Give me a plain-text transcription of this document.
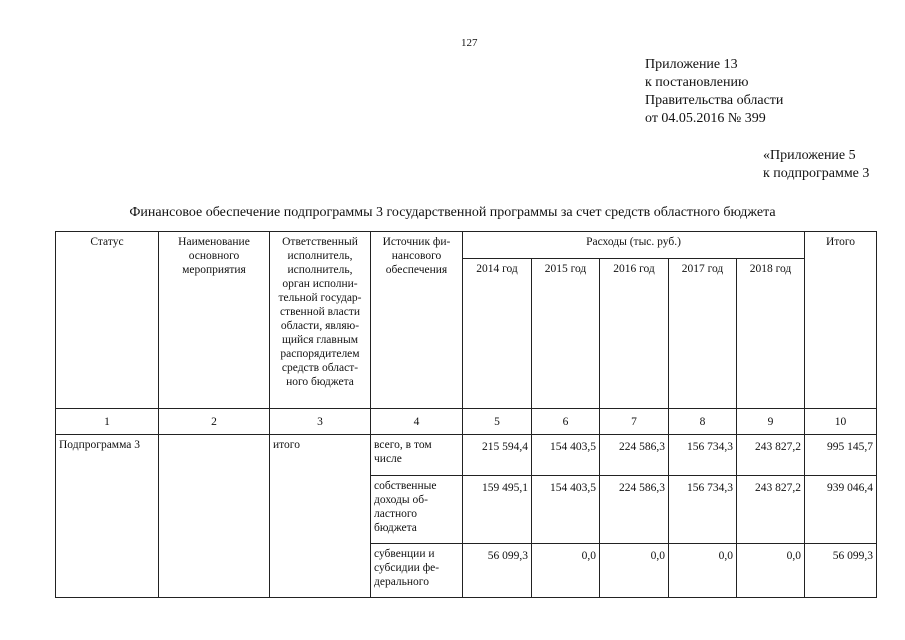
127
Приложение 13
к постановлению
Правительства области
от 04.05.2016 № 399
«Приложение 5
к подпрограмме 3
Финансовое обеспечение подпрограммы 3 государственной программы за счет средств областного бюджета
Статус	Наименование основного мероприятия	Ответственный исполнитель, исполнитель, орган исполни-тельной государ-ственной власти области, являю-щийся главным распорядителем средств област-ного бюджета	Источник фи-нансового обеспечения	Расходы (тыс. руб.)					Итого
				2014 год	2015 год	2016 год	2017 год	2018 год	
1	2	3	4	5	6	7	8	9	10
Подпрограмма 3		итого	всего, в том числе	215 594,4	154 403,5	224 586,3	156 734,3	243 827,2	995 145,7
			собственные доходы об-ластного бюджета	159 495,1	154 403,5	224 586,3	156 734,3	243 827,2	939 046,4
			субвенции и субсидии фе-дерального	56 099,3	0,0	0,0	0,0	0,0	56 099,3
